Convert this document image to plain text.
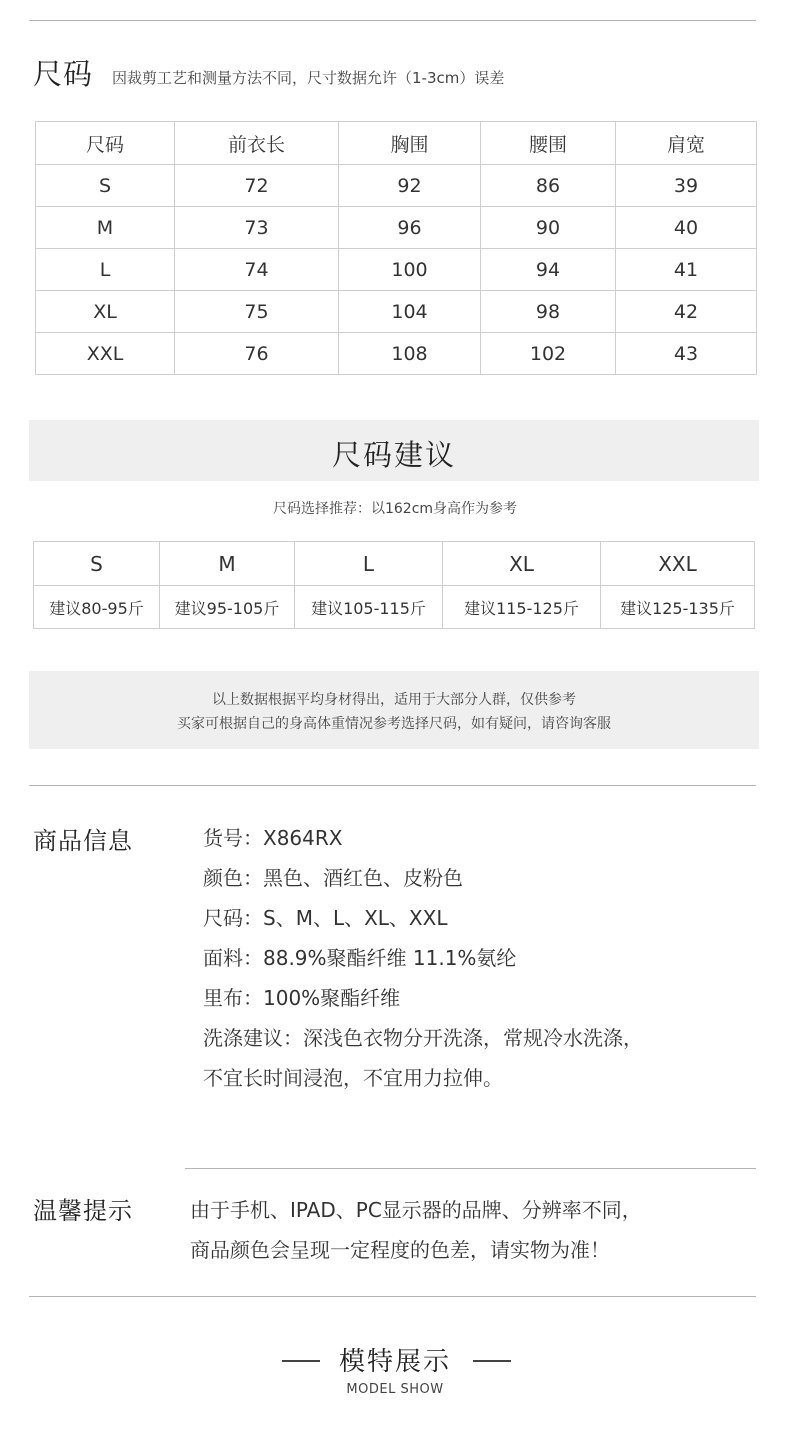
尺码 因裁剪工艺和测量方法不同，尺寸数据允许（1-3cm）误差
尺码	前衣长	胸围	腰围	肩宽
S	72	92	86	39
M	73	96	90	40
L	74	100	94	41
XL	75	104	98	42
XXL	76	108	102	43
尺码建议
尺码选择推荐：以162cm身高作为参考
S	M	L	XL	XXL
建议80-95斤	建议95-105斤	建议105-115斤	建议115-125斤	建议125-135斤
以上数据根据平均身材得出，适用于大部分人群，仅供参考
买家可根据自己的身高体重情况参考选择尺码，如有疑问，请咨询客服
商品信息	货号：X864RX
颜色：黑色、酒红色、皮粉色
尺码：S、M、L、XL、XXL
面料：88.9%聚酯纤维 11.1%氨纶
里布：100%聚酯纤维
洗涤建议：深浅色衣物分开洗涤，常规冷水洗涤，
不宜长时间浸泡，不宜用力拉伸。
温馨提示	由于手机、IPAD、PC显示器的品牌、分辨率不同，
商品颜色会呈现一定程度的色差，请实物为准！
模特展示
MODEL SHOW
